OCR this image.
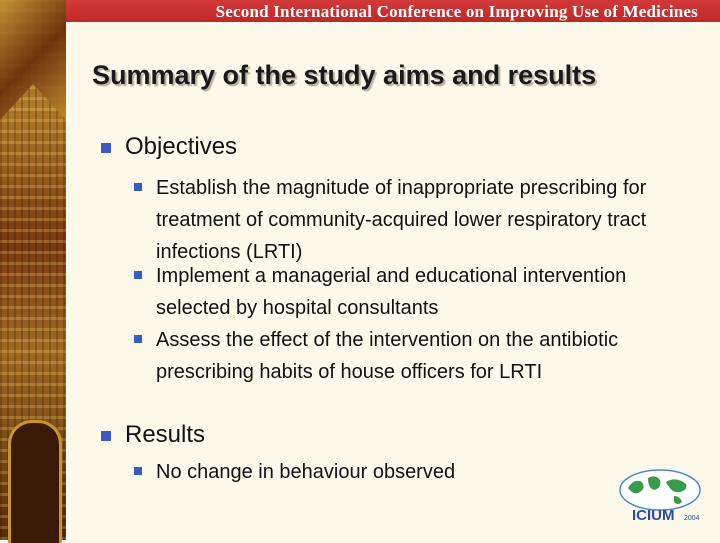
Second International Conference on Improving Use of Medicines
Summary of the study aims and results
Objectives
Establish the magnitude of inappropriate prescribing for treatment of community-acquired lower respiratory tract infections (LRTI)
Implement a managerial and educational intervention selected by hospital consultants
Assess the effect of the intervention on the antibiotic prescribing habits of house officers for LRTI
Results
No change in behaviour observed
ICIUM 2004
